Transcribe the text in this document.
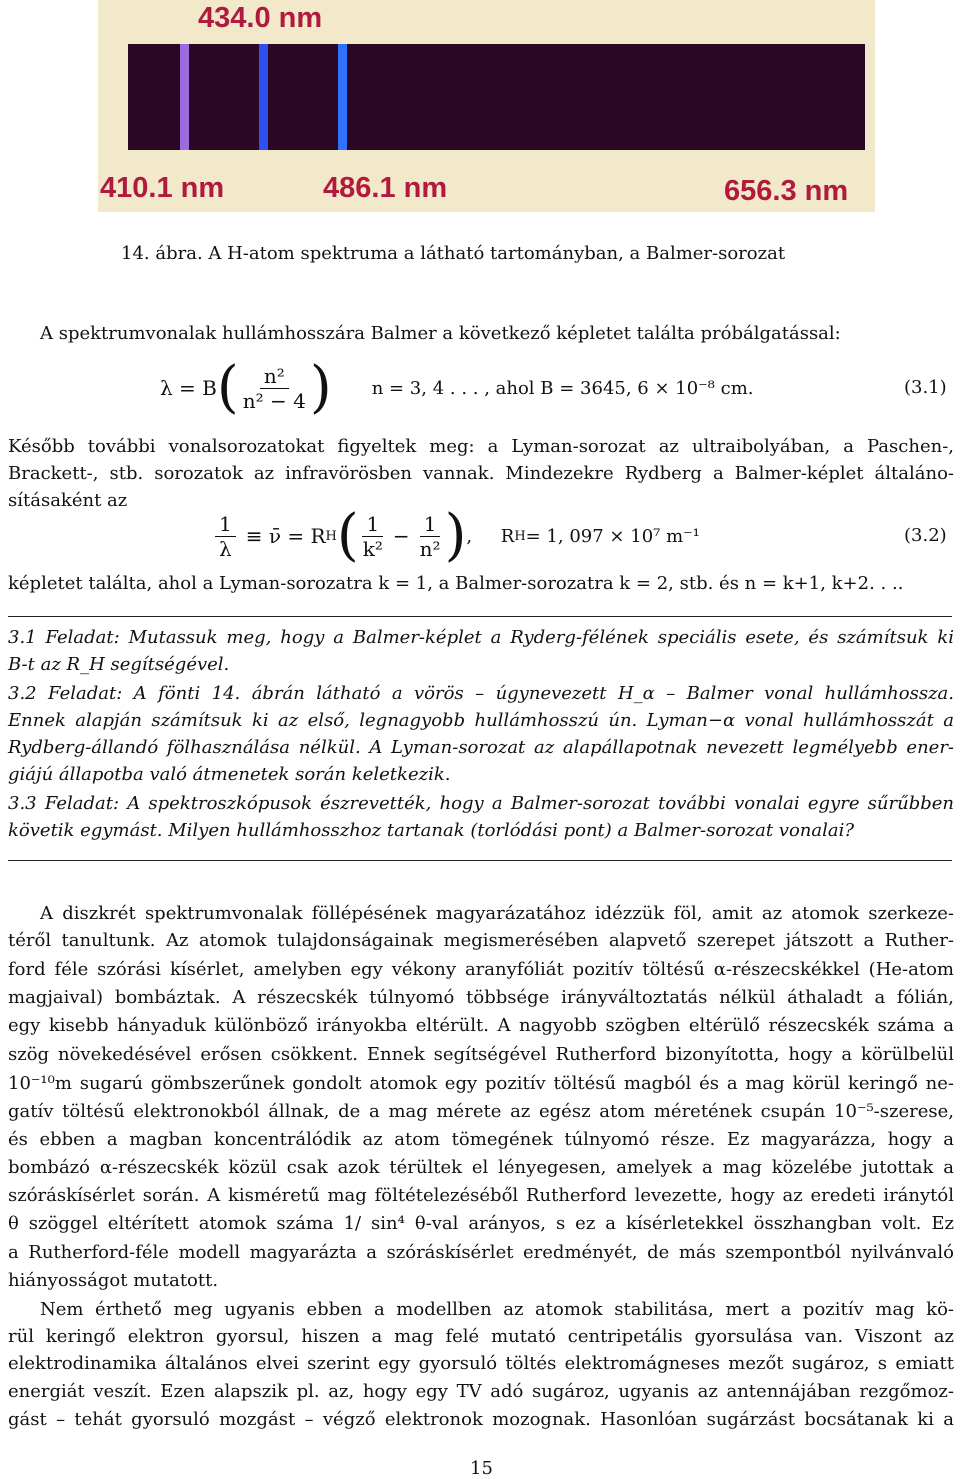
434.0 nm
410.1 nm	486.1 nm	656.3 nm
14. ábra. A H-atom spektruma a látható tartományban, a Balmer-sorozat
A spektrumvonalak hullámhosszára Balmer a következő képletet találta próbálgatással:
λ = B ( $\frac{\text{n²}}{\text{n² − 4}}$ ) n = 3, 4 . . . , ahol B = 3645, 6 × 10⁻⁸ cm.	(3.1)
Később további vonalsorozatokat figyeltek meg: a Lyman-sorozat az ultraibolyában, a Paschen-,
Brackett-, stb. sorozatok az infravörösben vannak. Mindezekre Rydberg a Balmer-képlet általáno-
sításaként az
$\frac{1}{\lambda}$ ≡ ν̄ = R H ( $\frac{1}{\text{k²}} - \frac{1}{\text{n²}}$ ) ,     R H = 1, 097 × 10⁷ m⁻¹	(3.2)
képletet találta, ahol a Lyman-sorozatra k = 1, a Balmer-sorozatra k = 2, stb. és n = k+1, k+2. . ..
3.1 Feladat: Mutassuk meg, hogy a Balmer-képlet a Ryderg-félének speciális esete, és számítsuk ki
B-t az R_H segítségével.
3.2 Feladat: A fönti 14. ábrán látható a vörös – úgynevezett H_α – Balmer vonal hullámhossza.
Ennek alapján számítsuk ki az első, legnagyobb hullámhosszú ún. Lyman−α vonal hullámhosszát a
Rydberg-állandó fölhasználása nélkül. A Lyman-sorozat az alapállapotnak nevezett legmélyebb ener-
giájú állapotba való átmenetek során keletkezik.
3.3 Feladat: A spektroszkópusok észrevették, hogy a Balmer-sorozat további vonalai egyre sűrűbben
követik egymást. Milyen hullámhosszhoz tartanak (torlódási pont) a Balmer-sorozat vonalai?
A diszkrét spektrumvonalak föllépésének magyarázatához idézzük föl, amit az atomok szerkeze-
téről tanultunk. Az atomok tulajdonságainak megismerésében alapvető szerepet játszott a Ruther-
ford féle szórási kísérlet, amelyben egy vékony aranyfóliát pozitív töltésű α-részecskékkel (He-atom
magjaival) bombáztak. A részecskék túlnyomó többsége irányváltoztatás nélkül áthaladt a fólián,
egy kisebb hányaduk különböző irányokba eltérült. A nagyobb szögben eltérülő részecskék száma a
szög növekedésével erősen csökkent. Ennek segítségével Rutherford bizonyította, hogy a körülbelül
10⁻¹⁰m sugarú gömbszerűnek gondolt atomok egy pozitív töltésű magból és a mag körül keringő ne-
gatív töltésű elektronokból állnak, de a mag mérete az egész atom méretének csupán 10⁻⁵-szerese,
és ebben a magban koncentrálódik az atom tömegének túlnyomó része. Ez magyarázza, hogy a
bombázó α-részecskék közül csak azok térültek el lényegesen, amelyek a mag közelébe jutottak a
szóráskísérlet során. A kisméretű mag föltételezéséből Rutherford levezette, hogy az eredeti iránytól
θ szöggel eltérített atomok száma 1/ sin⁴ θ-val arányos, s ez a kísérletekkel összhangban volt. Ez
a Rutherford-féle modell magyarázta a szóráskísérlet eredményét, de más szempontból nyilvánvaló
hiányosságot mutatott.
Nem érthető meg ugyanis ebben a modellben az atomok stabilitása, mert a pozitív mag kö-
rül keringő elektron gyorsul, hiszen a mag felé mutató centripetális gyorsulása van. Viszont az
elektrodinamika általános elvei szerint egy gyorsuló töltés elektromágneses mezőt sugároz, s emiatt
energiát veszít. Ezen alapszik pl. az, hogy egy TV adó sugároz, ugyanis az antennájában rezgőmoz-
gást – tehát gyorsuló mozgást – végző elektronok mozognak. Hasonlóan sugárzást bocsátanak ki a
15
